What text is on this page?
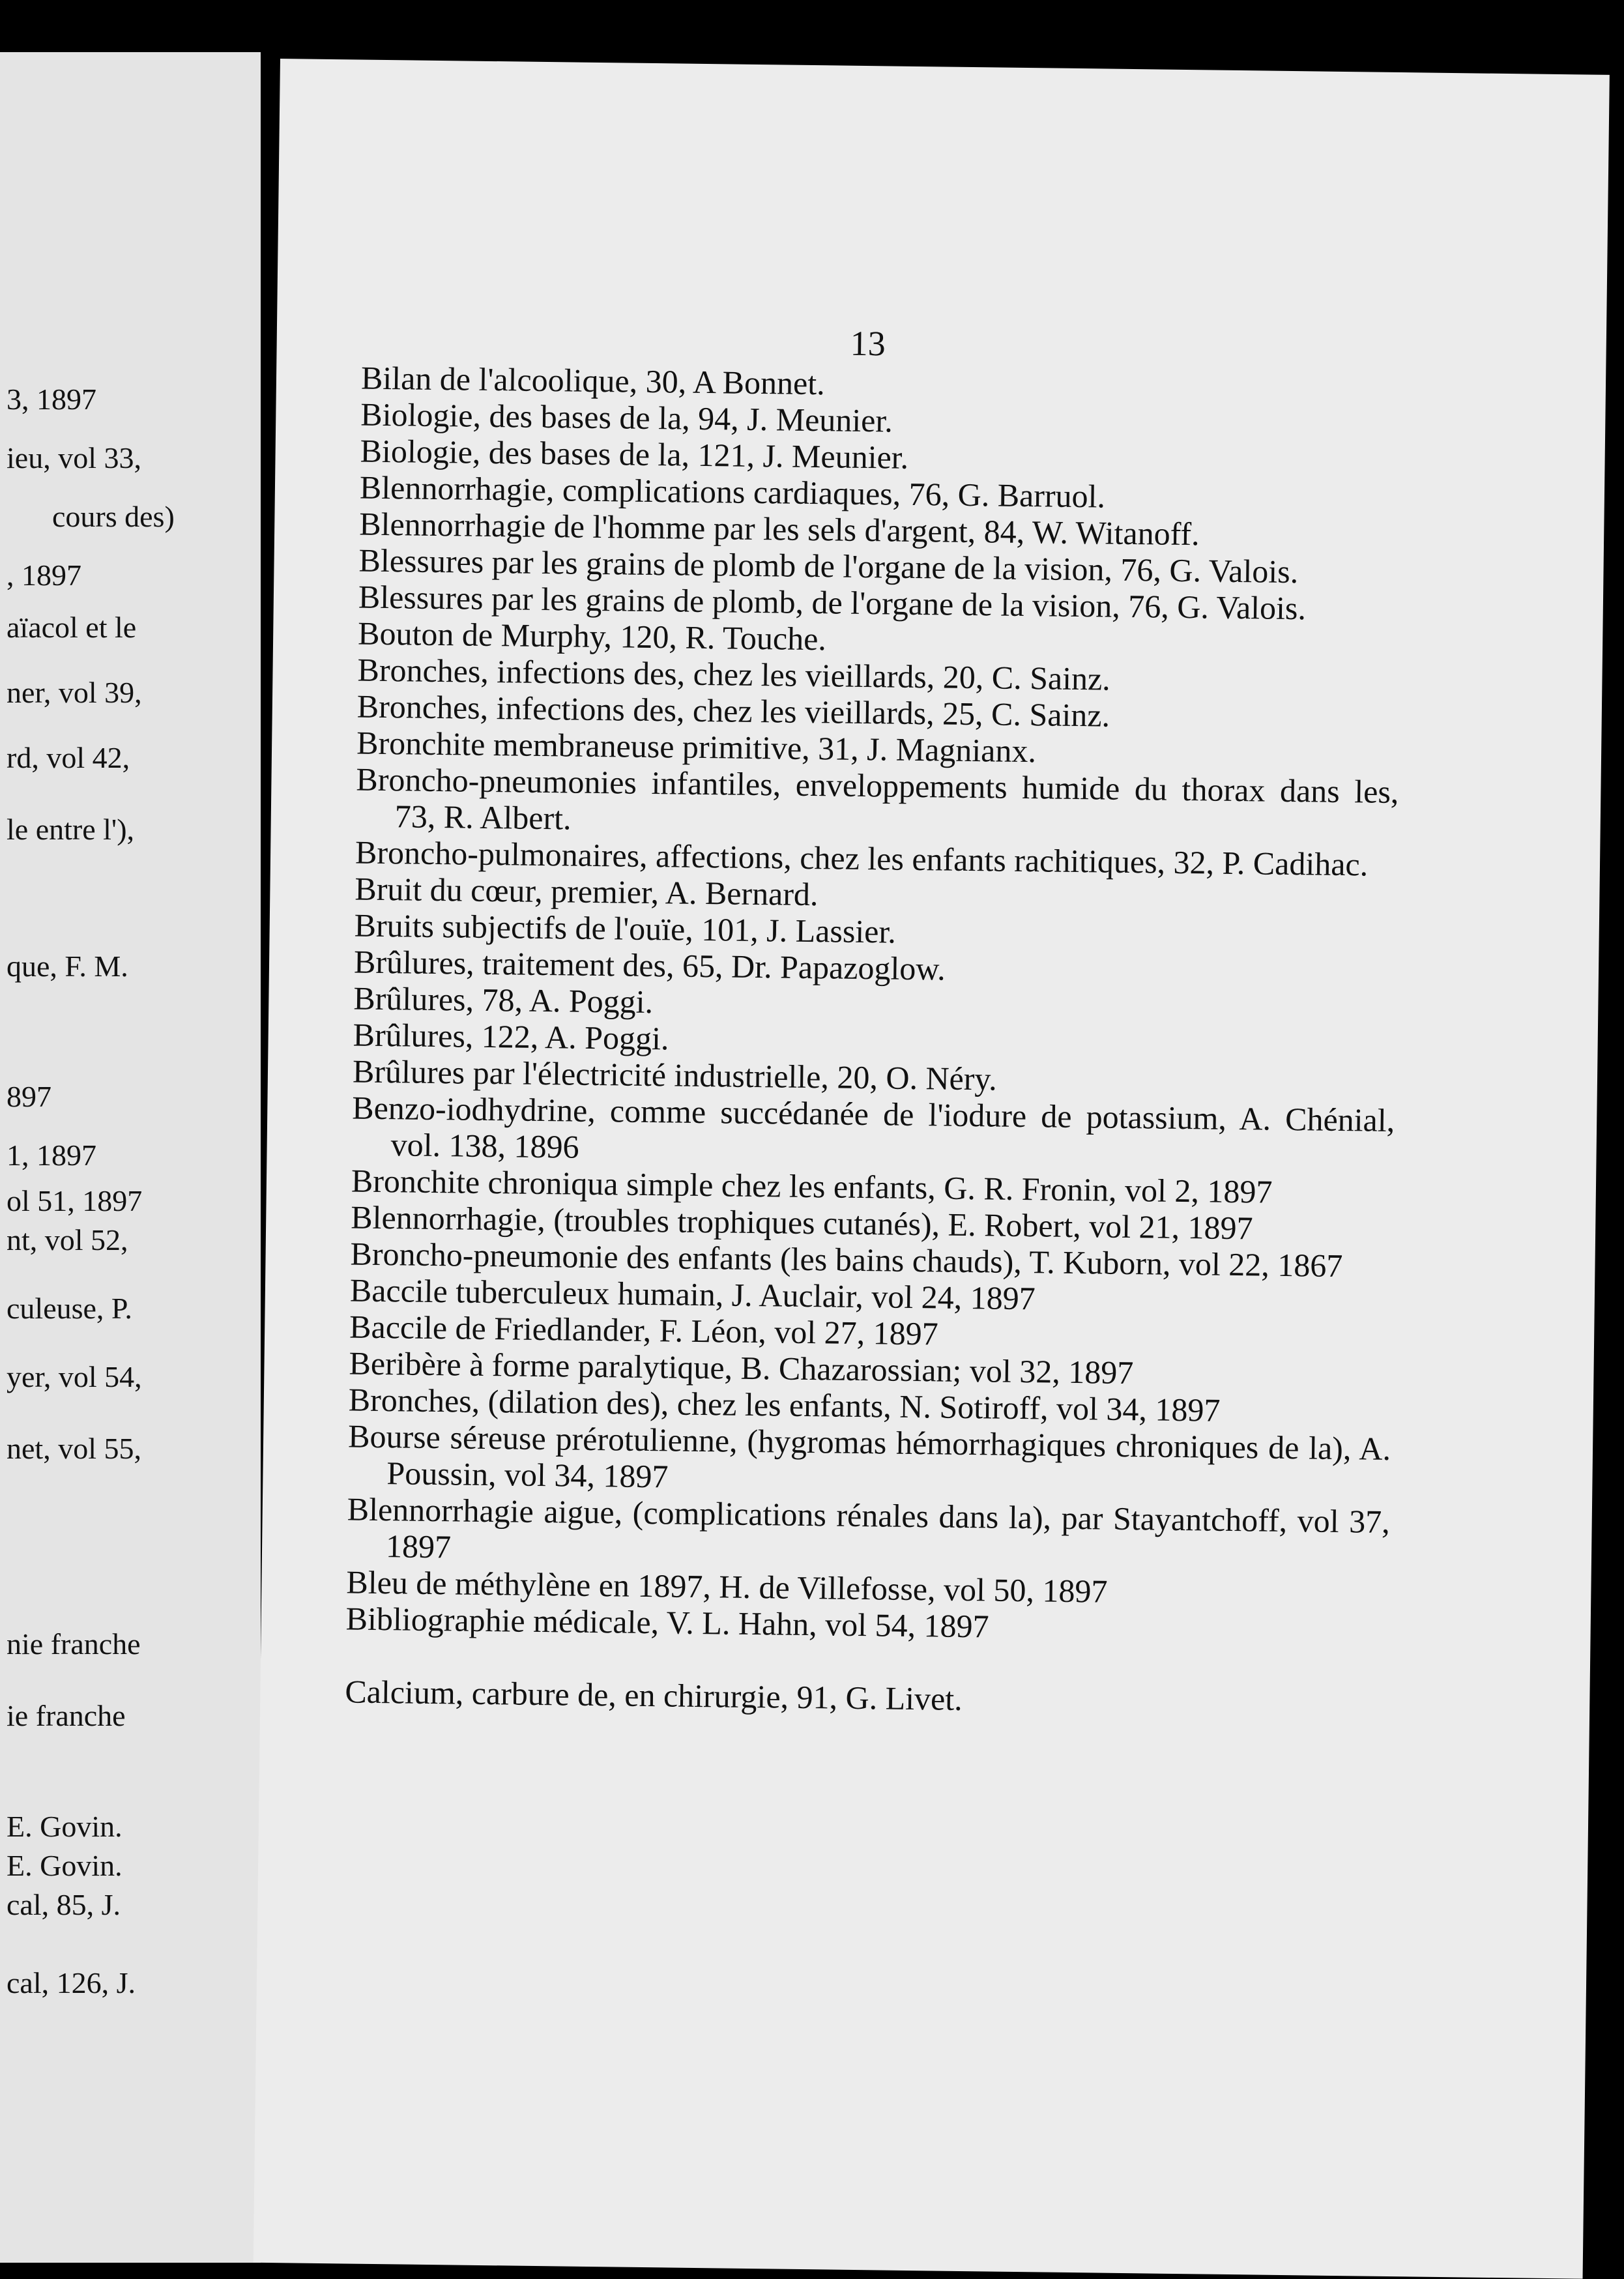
3, 1897
ieu, vol 33,
cours des)
, 1897
aïacol et le
ner, vol 39,
rd, vol 42,
le entre l'),
que, F. M.
897
1, 1897
ol 51, 1897
nt, vol 52,
culeuse, P.
yer, vol 54,
net, vol 55,
nie franche
ie franche
E. Govin.
E. Govin.
cal, 85, J.
cal, 126, J.
13
Bilan de l'alcoolique, 30, A Bonnet.
Biologie, des bases de la, 94, J. Meunier.
Biologie, des bases de la, 121, J. Meunier.
Blennorrhagie, complications cardiaques, 76, G. Barruol.
Blennorrhagie de l'homme par les sels d'argent, 84, W. Witanoff.
Blessures par les grains de plomb de l'organe de la vision, 76, G. Valois.
Blessures par les grains de plomb, de l'organe de la vision, 76, G. Valois.
Bouton de Murphy, 120, R. Touche.
Bronches, infections des, chez les vieillards, 20, C. Sainz.
Bronches, infections des, chez les vieillards, 25, C. Sainz.
Bronchite membraneuse primitive, 31, J. Magnianx.
Broncho-pneumonies infantiles, enveloppements humide du thorax dans les, 73, R. Albert.
Broncho-pulmonaires, affections, chez les enfants rachitiques, 32, P. Cadihac.
Bruit du cœur, premier, A. Bernard.
Bruits subjectifs de l'ouïe, 101, J. Lassier.
Brûlures, traitement des, 65, Dr. Papazoglow.
Brûlures, 78, A. Poggi.
Brûlures, 122, A. Poggi.
Brûlures par l'électricité industrielle, 20, O. Néry.
Benzo-iodhydrine, comme succédanée de l'iodure de potassium, A. Chénial, vol. 138, 1896
Bronchite chroniqua simple chez les enfants, G. R. Fronin, vol 2, 1897
Blennorrhagie, (troubles trophiques cutanés), E. Robert, vol 21, 1897
Broncho-pneumonie des enfants (les bains chauds), T. Kuborn, vol 22, 1867
Baccile tuberculeux humain, J. Auclair, vol 24, 1897
Baccile de Friedlander, F. Léon, vol 27, 1897
Beribère à forme paralytique, B. Chazarossian; vol 32, 1897
Bronches, (dilation des), chez les enfants, N. Sotiroff, vol 34, 1897
Bourse séreuse prérotulienne, (hygromas hémorrhagiques chroniques de la), A. Poussin, vol 34, 1897
Blennorrhagie aigue, (complications rénales dans la), par Stayantchoff, vol 37, 1897
Bleu de méthylène en 1897, H. de Villefosse, vol 50, 1897
Bibliographie médicale, V. L. Hahn, vol 54, 1897
Calcium, carbure de, en chirurgie, 91, G. Livet.
